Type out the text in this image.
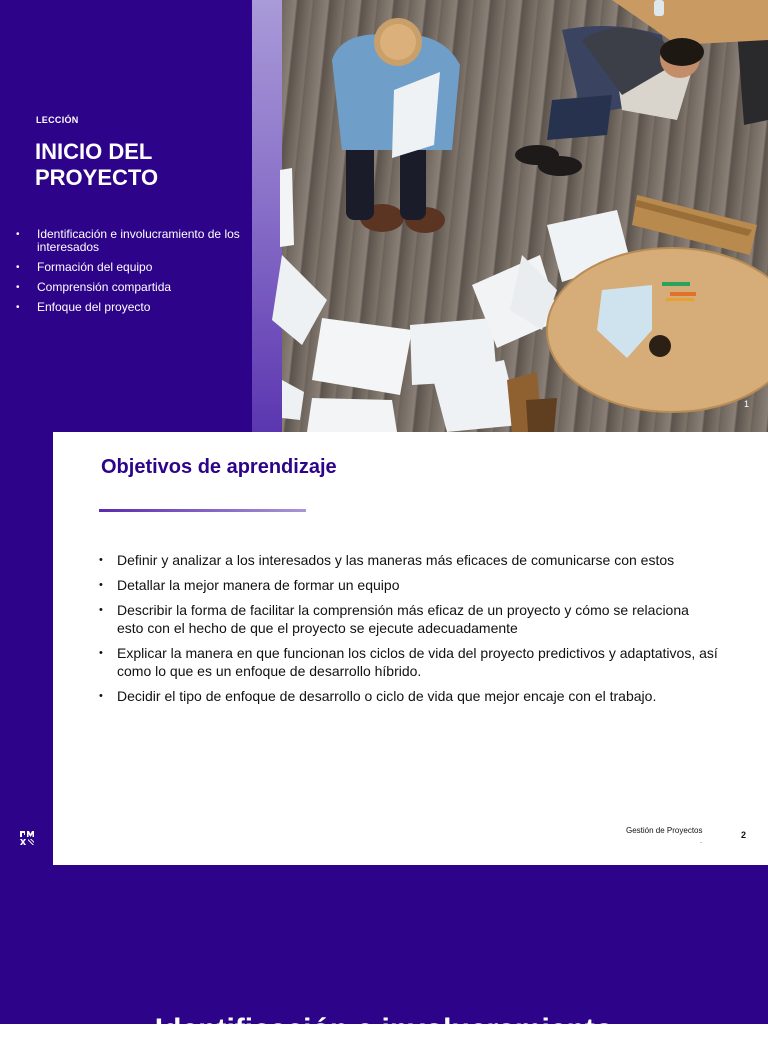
LECCIÓN
INICIO DEL PROYECTO
• Identificación e involucramiento de los interesados
• Formación del equipo
• Comprensión compartida
• Enfoque del proyecto
1
Objetivos de aprendizaje
• Definir y analizar a los interesados y las maneras más eficaces de comunicarse con estos
• Detallar la mejor manera de formar un equipo
• Describir la forma de facilitar la comprensión más eficaz de un proyecto y cómo se relaciona esto con el hecho de que el proyecto se ejecute adecuadamente
• Explicar la manera en que funcionan los ciclos de vida del proyecto predictivos y adaptativos, así como lo que es un enfoque de desarrollo híbrido.
• Decidir el tipo de enfoque de desarrollo o ciclo de vida que mejor encaje con el trabajo.
Gestión de Proyectos
.
2
Identificación e involucramiento
